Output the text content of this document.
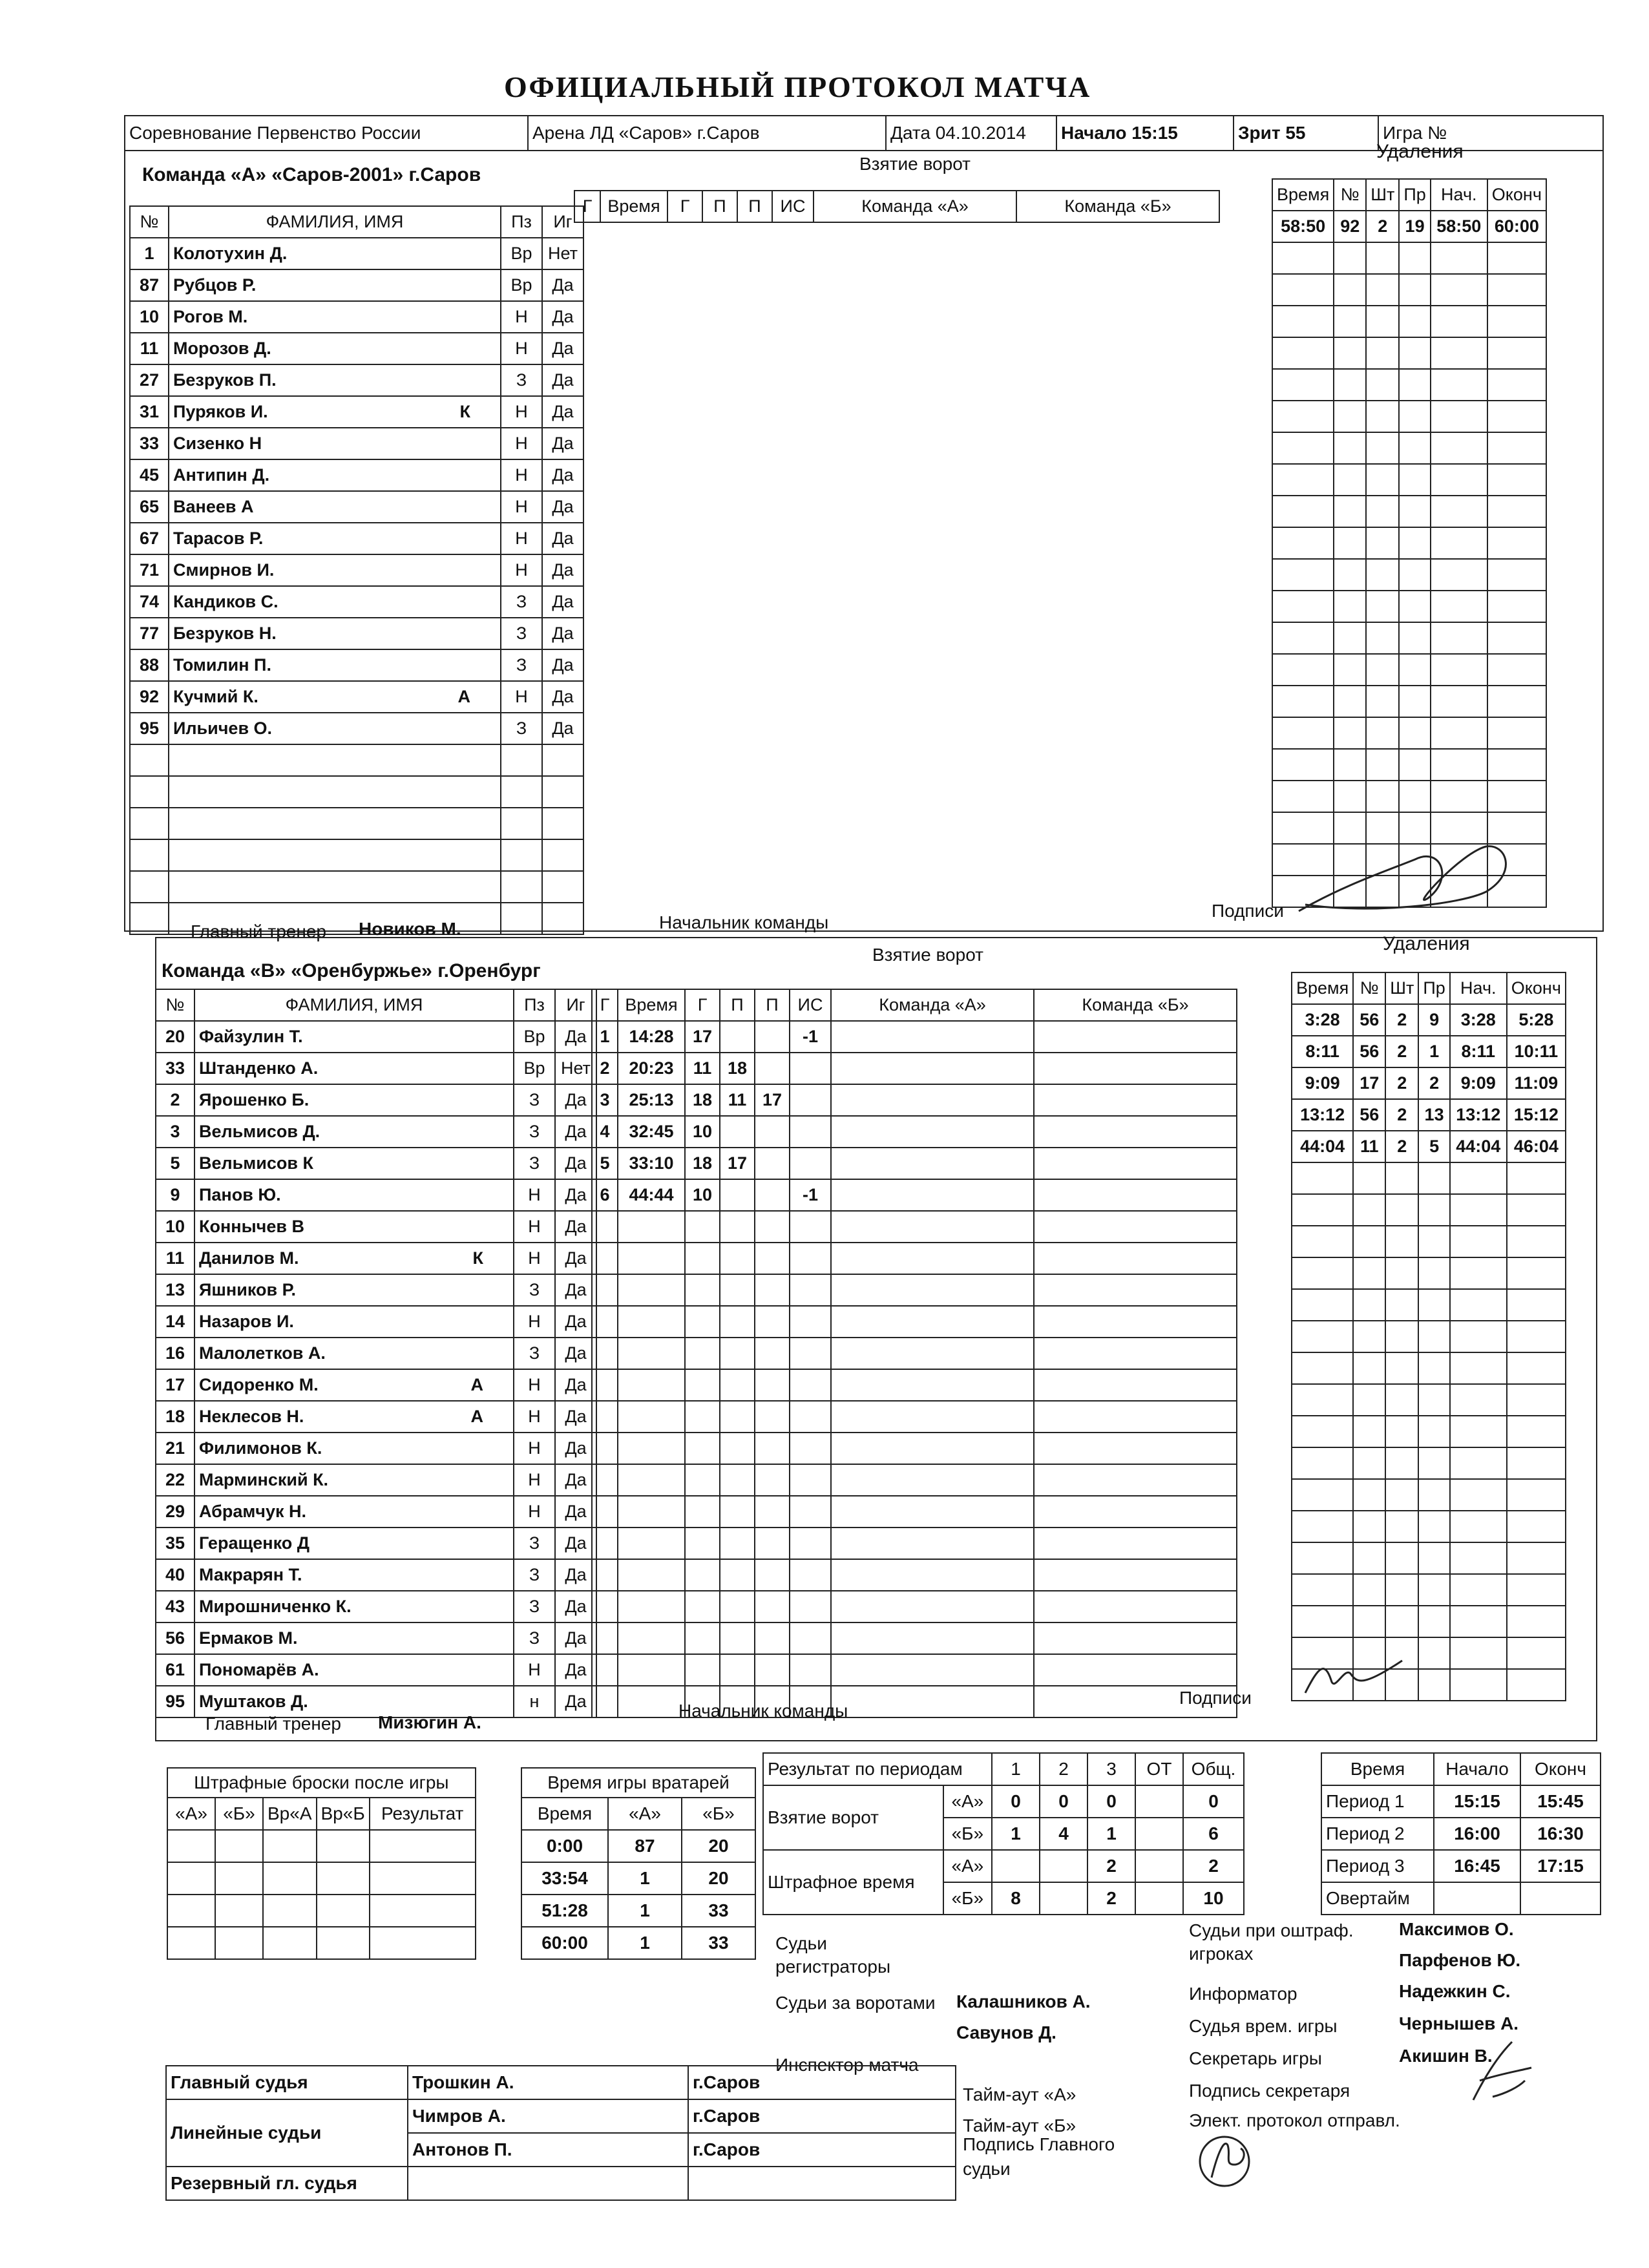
ОФИЦИАЛЬНЫЙ ПРОТОКОЛ МАТЧА
Соревнование Первенство России	Арена ЛД «Саров» г.Саров	Дата 04.10.2014	Начало 15:15	Зрит 55	Игра №
Команда «А» «Саров-2001» г.Саров
Взятие ворот
Удаления
№	ФАМИЛИЯ, ИМЯ	Пз	Иг
1	Колотухин Д.	Вр	Нет
87	Рубцов Р.	Вр	Да
10	Рогов М.	Н	Да
11	Морозов Д.	Н	Да
27	Безруков П.	З	Да
31	Пуряков И. К	Н	Да
33	Сизенко Н	Н	Да
45	Антипин Д.	Н	Да
65	Ванеев А	Н	Да
67	Тарасов Р.	Н	Да
71	Смирнов И.	Н	Да
74	Кандиков С.	З	Да
77	Безруков Н.	З	Да
88	Томилин П.	З	Да
92	Кучмий К. А	Н	Да
95	Ильичев О.	З	Да

Г	Время	Г	П	П	ИС	Команда «А»	Команда «Б»
Время	№	Шт	Пр	Нач.	Оконч
58:50	92	2	19	58:50	60:00

Главный тренер Новиков М.	Начальник команды
Подписи
Команда «В» «Оренбуржье» г.Оренбург
Взятие ворот
Удаления
№	ФАМИЛИЯ, ИМЯ	Пз	Иг
20	Файзулин Т.	Вр	Да
33	Штанденко А.	Вр	Нет
2	Ярошенко Б.	З	Да
3	Вельмисов Д.	З	Да
5	Вельмисов К	З	Да
9	Панов Ю.	Н	Да
10	Коннычев В	Н	Да
11	Данилов М. К	Н	Да
13	Яшников Р.	З	Да
14	Назаров И.	Н	Да
16	Малолетков А.	З	Да
17	Сидоренко М. А	Н	Да
18	Неклесов Н. А	Н	Да
21	Филимонов К.	Н	Да
22	Марминский К.	Н	Да
29	Абрамчук Н.	Н	Да
35	Геращенко Д	З	Да
40	Макрарян Т.	З	Да
43	Мирошниченко К.	З	Да
56	Ермаков М.	З	Да
61	Пономарёв А.	Н	Да
95	Муштаков Д.	н	Да
Г	Время	Г	П	П	ИС	Команда «А»	Команда «Б»
1	14:28	17			-1		
2	20:23	11	18				
3	25:13	18	11	17			
4	32:45	10					
5	33:10	18	17				
6	44:44	10			-1		

Время	№	Шт	Пр	Нач.	Оконч
3:28	56	2	9	3:28	5:28
8:11	56	2	1	8:11	10:11
9:09	17	2	2	9:09	11:09
13:12	56	2	13	13:12	15:12
44:04	11	2	5	44:04	46:04

Главный тренер Мизюгин А.
Начальник команды
Подписи
Штрафные броски после игры				
«А»	«Б»	Вр«А	Вр«Б	Результат

Время игры вратарей		
Время	«А»	«Б»
0:00	87	20
33:54	1	20
51:28	1	33
60:00	1	33
Результат по периодам		1	2	3	ОТ	Общ.
Взятие ворот	«А»	0	0	0		0
	«Б»	1	4	1		6
Штрафное время	«А»			2		2
	«Б»	8		2		10
Время	Начало	Оконч
Период 1	15:15	15:45
Период 2	16:00	16:30
Период 3	16:45	17:15
Овертайм		
Судьи регистраторы
Судьи за воротами	Калашников А.
Савунов Д.
Инспектор матча
Судьи при оштраф. игроках
Максимов О.
Парфенов Ю.
Информатор	Надежкин С.
Судья врем. игры	Чернышев А.
Секретарь игры	Акишин В.
Подпись секретаря
Элект. протокол отправл.
Тайм-аут «А»
Тайм-аут «Б»
Главный судья	Трошкин А.	г.Саров
Линейные судьи	Чимров А.	г.Саров
	Антонов П.	г.Саров
Резервный гл. судья		
Подпись Главного судьи
